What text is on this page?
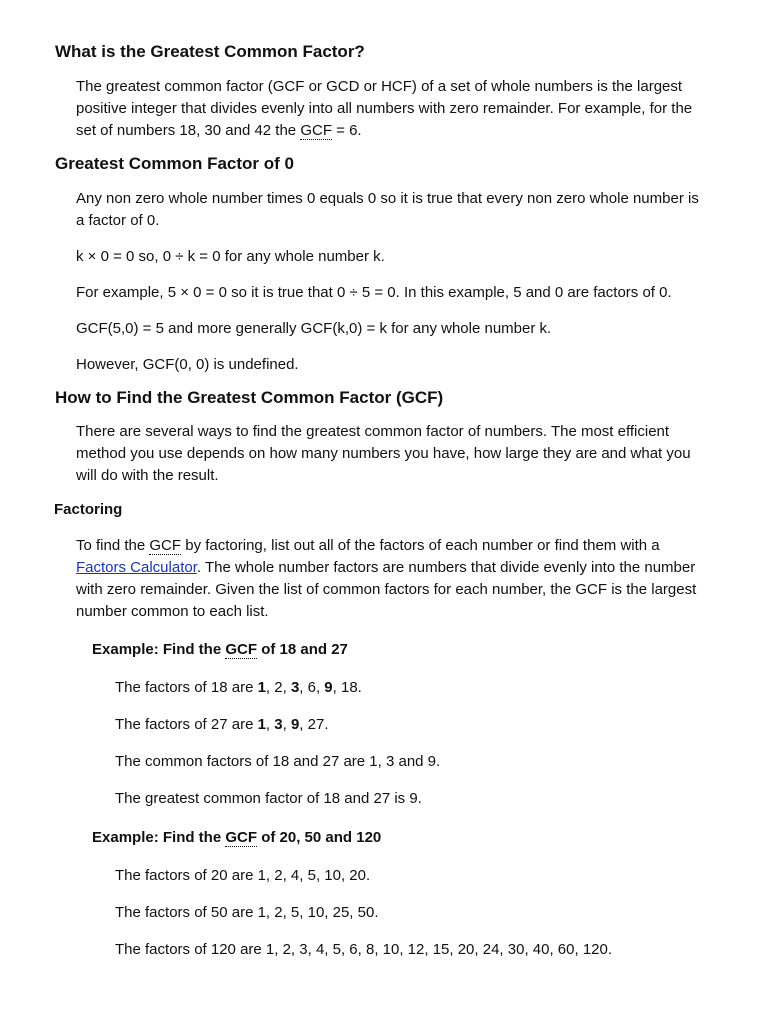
What is the Greatest Common Factor?

The greatest common factor (GCF or GCD or HCF) of a set of whole numbers is the largest positive integer that divides evenly into all numbers with zero remainder. For example, for the set of numbers 18, 30 and 42 the GCF = 6.

Greatest Common Factor of 0

Any non zero whole number times 0 equals 0 so it is true that every non zero whole number is a factor of 0.

k × 0 = 0 so, 0 ÷ k = 0 for any whole number k.

For example, 5 × 0 = 0 so it is true that 0 ÷ 5 = 0. In this example, 5 and 0 are factors of 0.

GCF(5,0) = 5 and more generally GCF(k,0) = k for any whole number k.

However, GCF(0, 0) is undefined.

How to Find the Greatest Common Factor (GCF)

There are several ways to find the greatest common factor of numbers. The most efficient method you use depends on how many numbers you have, how large they are and what you will do with the result.

Factoring

To find the GCF by factoring, list out all of the factors of each number or find them with a Factors Calculator. The whole number factors are numbers that divide evenly into the number with zero remainder. Given the list of common factors for each number, the GCF is the largest number common to each list.

Example: Find the GCF of 18 and 27
The factors of 18 are 1, 2, 3, 6, 9, 18.
The factors of 27 are 1, 3, 9, 27.
The common factors of 18 and 27 are 1, 3 and 9.
The greatest common factor of 18 and 27 is 9.
Example: Find the GCF of 20, 50 and 120
The factors of 20 are 1, 2, 4, 5, 10, 20.
The factors of 50 are 1, 2, 5, 10, 25, 50.
The factors of 120 are 1, 2, 3, 4, 5, 6, 8, 10, 12, 15, 20, 24, 30, 40, 60, 120.
